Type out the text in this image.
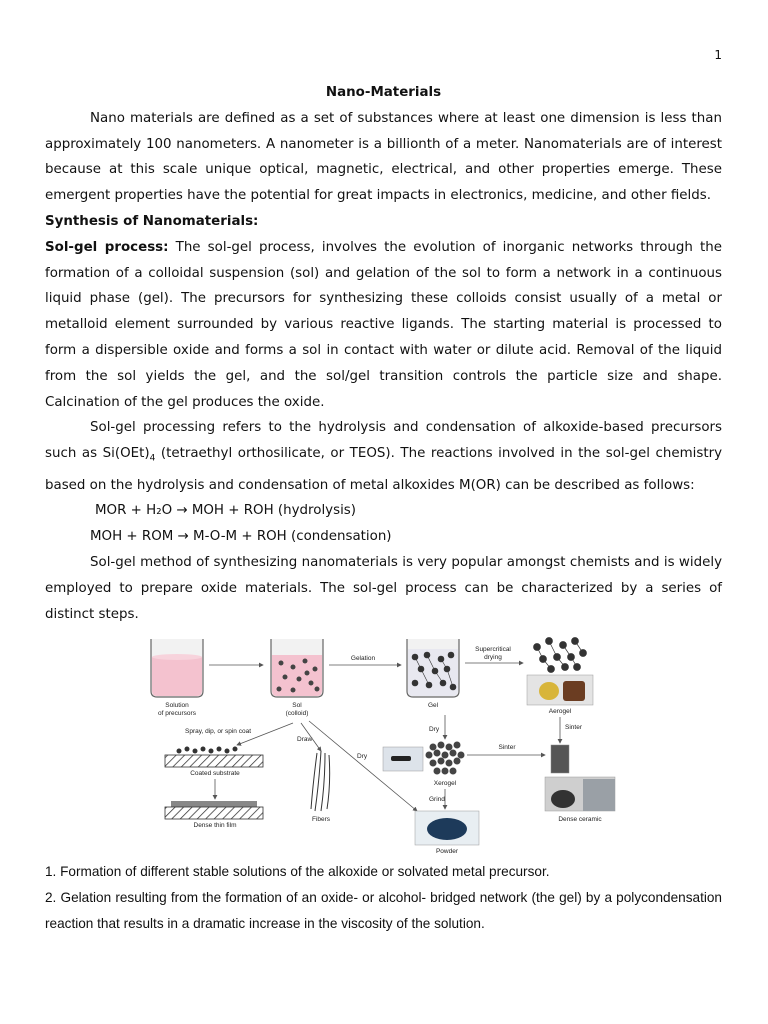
1

Nano-Materials

Nano materials are defined as a set of substances where at least one dimension is less than approximately 100 nanometers. A nanometer is a billionth of a meter. Nanomaterials are of interest because at this scale unique optical, magnetic, electrical, and other properties emerge. These emergent properties have the potential for great impacts in electronics, medicine, and other fields.

Synthesis of Nanomaterials:

Sol-gel process: The sol-gel process, involves the evolution of inorganic networks through the formation of a colloidal suspension (sol) and gelation of the sol to form a network in a continuous liquid phase (gel). The precursors for synthesizing these colloids consist usually of a metal or metalloid element surrounded by various reactive ligands. The starting material is processed to form a dispersible oxide and forms a sol in contact with water or dilute acid. Removal of the liquid from the sol yields the gel, and the sol/gel transition controls the particle size and shape. Calcination of the gel produces the oxide.

Sol-gel processing refers to the hydrolysis and condensation of alkoxide-based precursors such as $Si(OEt)_4$ (tetraethyl orthosilicate, or TEOS). The reactions involved in the sol-gel chemistry based on the hydrolysis and condensation of metal alkoxides M(OR) can be described as follows:

MOR + H₂O → MOH + ROH (hydrolysis)

MOH + ROM → M-O-M + ROH (condensation)

Sol-gel method of synthesizing nanomaterials is very popular amongst chemists and is widely employed to prepare oxide materials. The sol-gel process can be characterized by a series of distinct steps.

Solution
of precursors
Sol
(colloid)
Gelation
Gel
Supercritical
drying
Aerogel
Sinter
Spray, dip, or spin coat
Draw
Dry
Dry
Xerogel
Sinter
Grind
Coated substrate
Fibers	Dense ceramic
Dense thin film
Powder

1. Formation of different stable solutions of the alkoxide or solvated metal precursor.

2. Gelation resulting from the formation of an oxide- or alcohol- bridged network (the gel) by a polycondensation reaction that results in a dramatic increase in the viscosity of the solution.
